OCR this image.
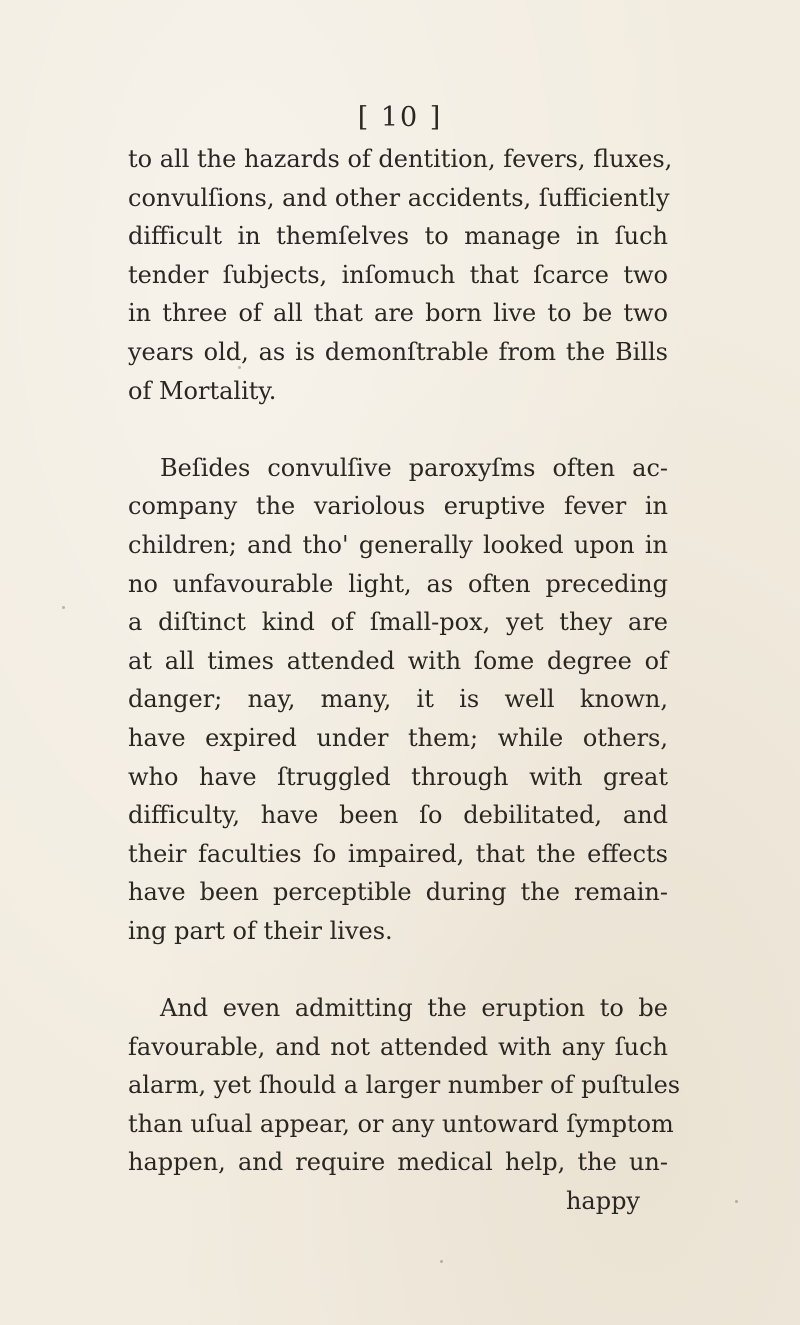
[ 10 ]
to all the hazards of dentition, fevers, fluxes,
convulſions, and other accidents, ſufficiently
difficult in themſelves to manage in ſuch
tender ſubjects, inſomuch that ſcarce two
in three of all that are born live to be two
years old, as is demonſtrable from the Bills
of Mortality.
Beſides convulſive paroxyſms often ac-
company the variolous eruptive fever in
children; and tho' generally looked upon in
no unfavourable light, as often preceding
a diſtinct kind of ſmall-pox, yet they are
at all times attended with ſome degree of
danger; nay, many, it is well known,
have expired under them; while others,
who have ſtruggled through with great
difficulty, have been ſo debilitated, and
their faculties ſo impaired, that the effects
have been perceptible during the remain-
ing part of their lives.
And even admitting the eruption to be
favourable, and not attended with any ſuch
alarm, yet ſhould a larger number of puſtules
than uſual appear, or any untoward ſymptom
happen, and require medical help, the un-
happy
